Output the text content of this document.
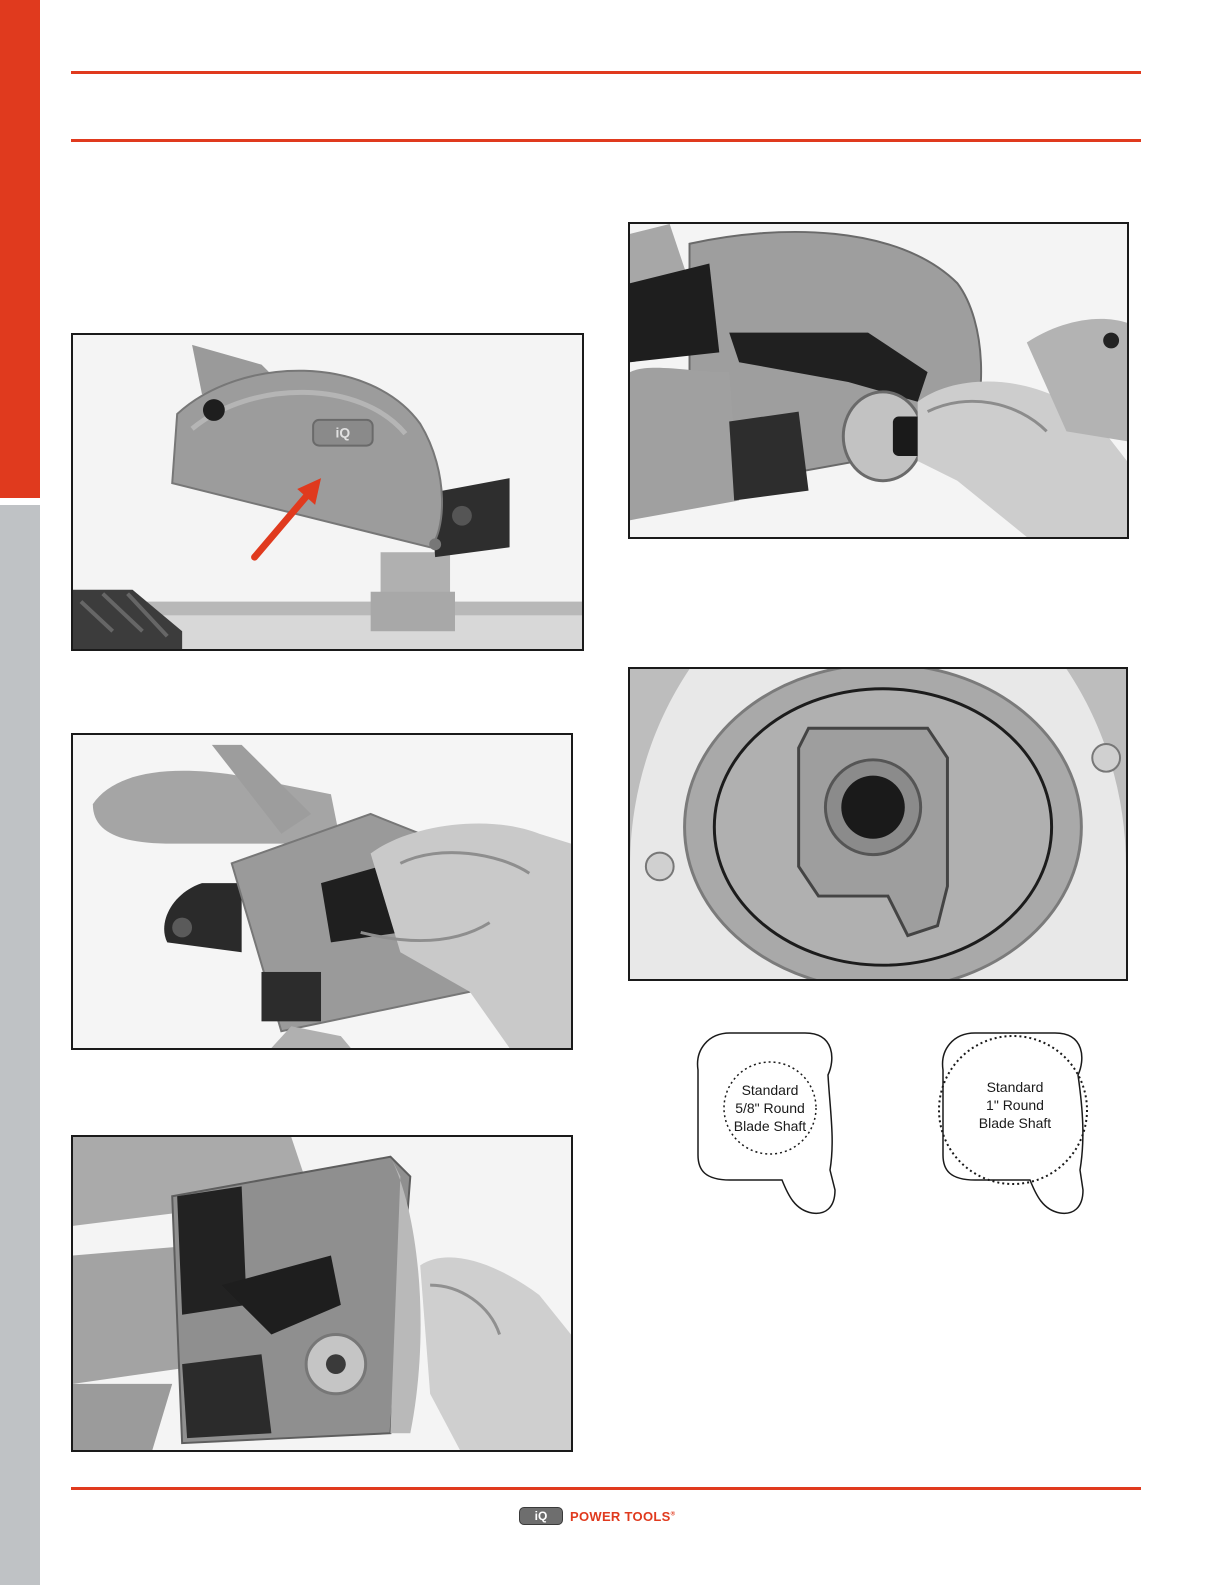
iQ
Standard
5/8" Round
Blade Shaft
Standard
1" Round
Blade Shaft
iQ	POWER TOOLS®
